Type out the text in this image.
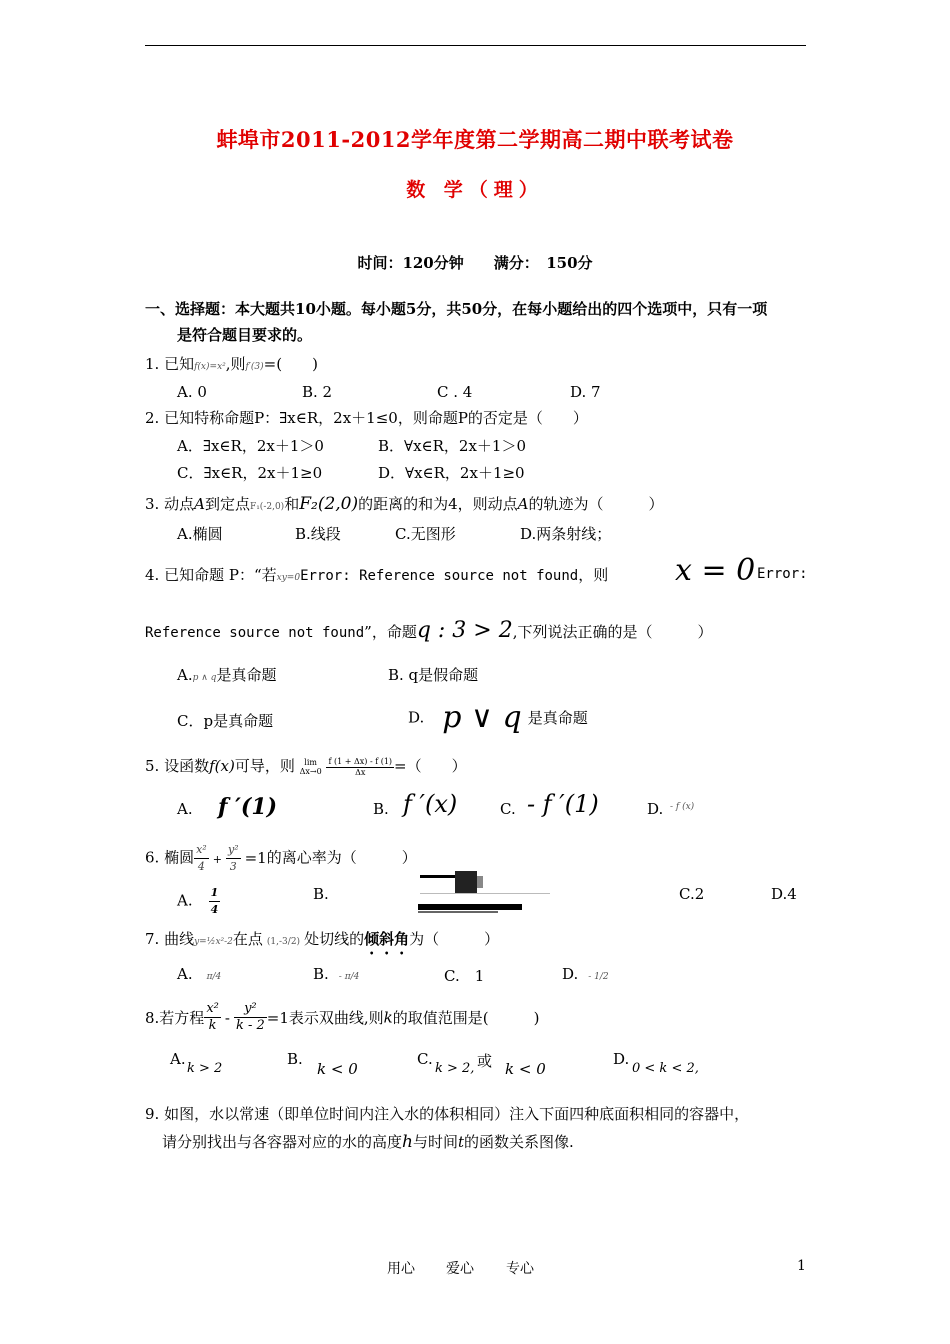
蚌埠市2011-2012学年度第二学期高二期中联考试卷
数 学（理）
时间：120分钟　　满分：　150分
一、选择题：本大题共10小题。每小题5分，共50分，在每小题给出的四个选项中，只有一项
是符合题目要求的。
1. 已知f(x)=x²,则f′(3)=(　　)
A. 0	B. 2	C . 4	D. 7
2. 已知特称命题P：∃x∈R，2x＋1≤0，则命题P的否定是（　　）
A．∃x∈R，2x＋1＞0	B．∀x∈R，2x＋1＞0
C．∃x∈R，2x＋1≥0	D．∀x∈R，2x＋1≥0
3. 动点A到定点F₁(-2,0)和F₂(2,0)的距离的和为4，则动点A的轨迹为（　　　）
A.椭圆	B.线段	C.无图形	D.两条射线；
4. 已知命题 P：“若xy=0Error: Reference source not found，则 x = 0 Error:
Reference source not found”，命题q : 3 > 2,下列说法正确的是（　　　）
A.p ∧ q是真命题	B. q是假命题
C．p是真命题	D. p ∨ q 是真命题
5. 设函数f(x)可导，则	lim
Δx→0
$\frac{f (1 + \Delta x) - f (1)}{\Delta x}$ =（　　）
A. f ′(1)	B. f ′(x)	C. - f ′(1)	D. - f (x)
6. 椭圆 $\frac{\text{x²}}{4} + \frac{\text{y²}}{3} =1$的离心率为（　　　）
A. $\frac{1}{4}$	B.	C.2	D.4
7. 曲线y=½x²-2在点 (1,-3/2) 处切线的倾斜角为（　　　）
A. π/4	B. - π/4	C.　1	D. - 1/2
8.若方程 $\frac{\text{x²}}{k} - \frac{\text{y²}}{k - 2} =1$表示双曲线,则k的取值范围是(　　　)
A.
k > 2
B.
k < 0
C.
k > 2, 或 k < 0
D.
0 < k < 2,
9. 如图，水以常速（即单位时间内注入水的体积相同）注入下面四种底面积相同的容器中，
请分别找出与各容器对应的水的高度h与时间t的函数关系图像.
用心 爱心 专心	1
